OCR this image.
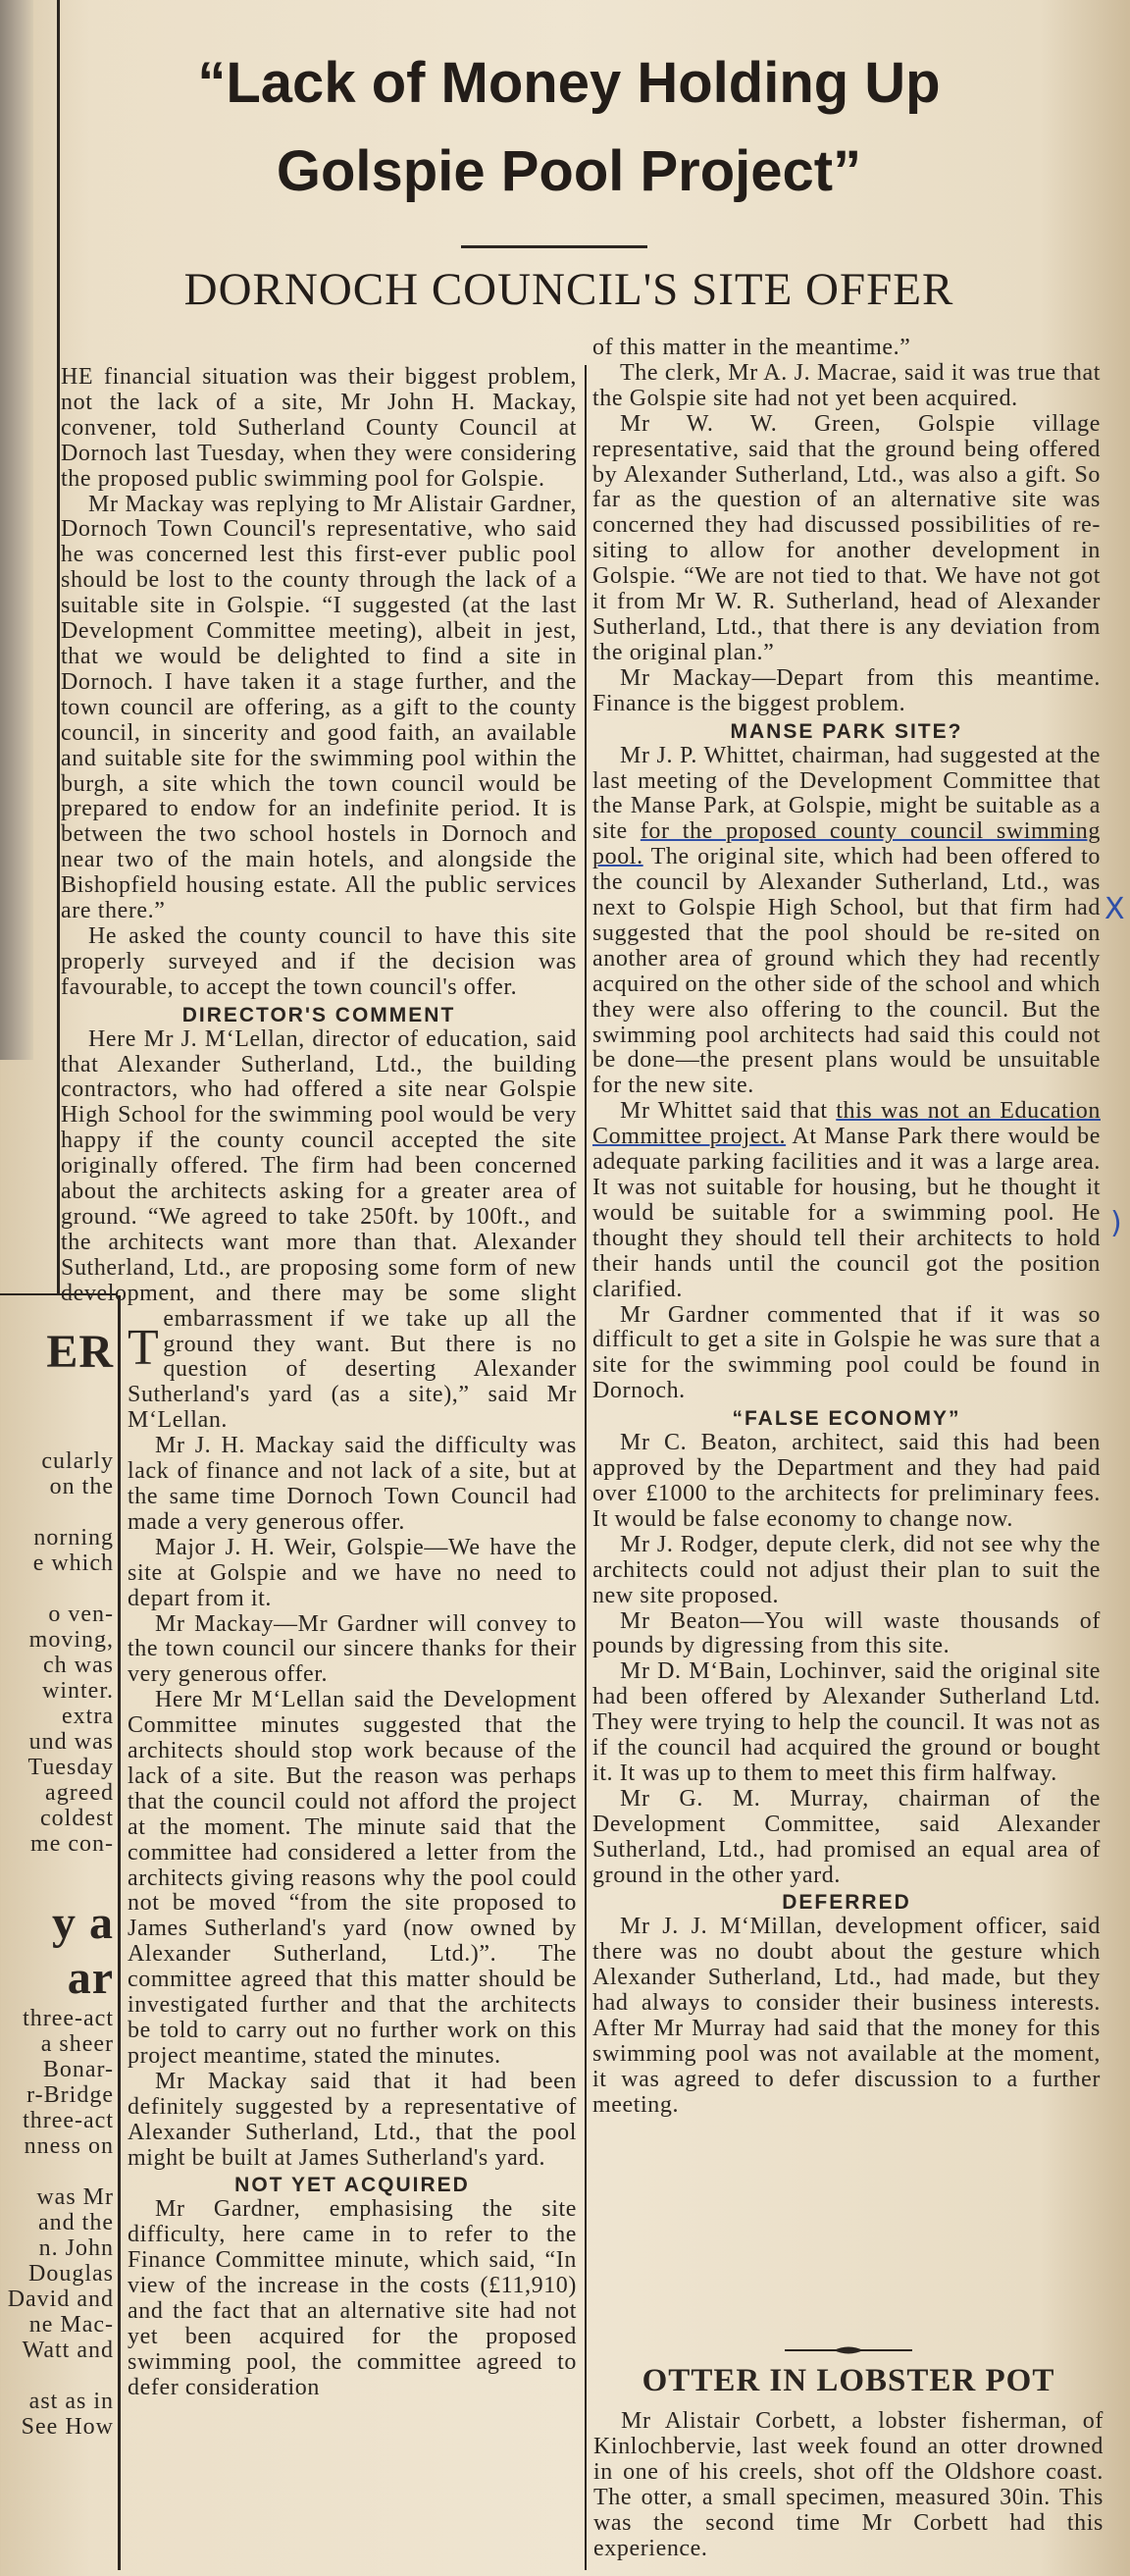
ER
cularly
on the

norning
e which

o ven-
moving,
ch was
winter.
extra
und was
Tuesday
agreed
coldest
me con-
y a
ar
three-act
a sheer
Bonar-
r-Bridge
three-act
nness on

was Mr
and the
n. John
Douglas
David and
ne Mac-
Watt and

ast as in
See How
“Lack of Money Holding Up
Golspie Pool Project”
DORNOCH COUNCIL'S SITE OFFER

T
HE financial situation was their biggest problem, not the lack of a site, Mr John H. Mackay, convener, told Sutherland County Council at Dornoch last Tuesday, when they were considering the proposed public swimming pool for Golspie.

Mr Mackay was replying to Mr Alistair Gardner, Dornoch Town Council's representative, who said he was concerned lest this first-ever public pool should be lost to the county through the lack of a suitable site in Golspie. “I suggested (at the last Development Committee meeting), albeit in jest, that we would be delighted to find a site in Dornoch. I have taken it a stage further, and the town council are offering, as a gift to the county council, in sincerity and good faith, an available and suitable site for the swimming pool within the burgh, a site which the town council would be prepared to endow for an indefinite period. It is between the two school hostels in Dornoch and near two of the main hotels, and alongside the Bishopfield housing estate. All the public services are there.”

He asked the county council to have this site properly surveyed and if the decision was favourable, to accept the town council's offer.

DIRECTOR'S COMMENT

Here Mr J. M‘Lellan, director of education, said that Alexander Sutherland, Ltd., the building contractors, who had offered a site near Golspie High School for the swimming pool would be very happy if the county council accepted the site originally offered. The firm had been concerned about the architects asking for a greater area of ground. “We agreed to take 250ft. by 100ft., and the architects want more than that. Alexander Sutherland, Ltd., are proposing some form of new development, and there may be some slight embarrassment if we take up all the ground they want. But there is no question of deserting Alexander Sutherland's yard (as a site),” said Mr M‘Lellan.

Mr J. H. Mackay said the difficulty was lack of finance and not lack of a site, but at the same time Dornoch Town Council had made a very generous offer.

Major J. H. Weir, Golspie—We have the site at Golspie and we have no need to depart from it.

Mr Mackay—Mr Gardner will convey to the town council our sincere thanks for their very generous offer.

Here Mr M‘Lellan said the Development Committee minutes suggested that the architects should stop work because of the lack of a site. But the reason was perhaps that the council could not afford the project at the moment. The minute said that the committee had considered a letter from the architects giving reasons why the pool could not be moved “from the site proposed to James Sutherland's yard (now owned by Alexander Sutherland, Ltd.)”. The committee agreed that this matter should be investigated further and that the architects be told to carry out no further work on this project meantime, stated the minutes.

Mr Mackay said that it had been definitely suggested by a representative of Alexander Sutherland, Ltd., that the pool might be built at James Sutherland's yard.

NOT YET ACQUIRED

Mr Gardner, emphasising the site difficulty, here came in to refer to the Finance Committee minute, which said, “In view of the increase in the costs (£11,910) and the fact that an alternative site had not yet been acquired for the proposed swimming pool, the committee agreed to defer consideration

of this matter in the meantime.”

The clerk, Mr A. J. Macrae, said it was true that the Golspie site had not yet been acquired.

Mr W. W. Green, Golspie village representative, said that the ground being offered by Alexander Sutherland, Ltd., was also a gift. So far as the question of an alternative site was concerned they had discussed possibilities of re-siting to allow for another development in Golspie. “We are not tied to that. We have not got it from Mr W. R. Sutherland, head of Alexander Sutherland, Ltd., that there is any deviation from the original plan.”

Mr Mackay—Depart from this meantime. Finance is the biggest problem.

MANSE PARK SITE?

Mr J. P. Whittet, chairman, had suggested at the last meeting of the Development Committee that the Manse Park, at Golspie, might be suitable as a site for the proposed county council swimming pool. The original site, which had been offered to the council by Alexander Sutherland, Ltd., was next to Golspie High School, but that firm had suggested that the pool should be re-sited on another area of ground which they had recently acquired on the other side of the school and which they were also offering to the council. But the swimming pool architects had said this could not be done—the present plans would be unsuitable for the new site.

Mr Whittet said that this was not an Education Committee project. At Manse Park there would be adequate parking facilities and it was a large area. It was not suitable for housing, but he thought it would be suitable for a swimming pool. He thought they should tell their architects to hold their hands until the council got the position clarified.

Mr Gardner commented that if it was so difficult to get a site in Golspie he was sure that a site for the swimming pool could be found in Dornoch.

“FALSE ECONOMY”

Mr C. Beaton, architect, said this had been approved by the Department and they had paid over £1000 to the architects for preliminary fees. It would be false economy to change now.

Mr J. Rodger, depute clerk, did not see why the architects could not adjust their plan to suit the new site proposed.

Mr Beaton—You will waste thousands of pounds by digressing from this site.

Mr D. M‘Bain, Lochinver, said the original site had been offered by Alexander Sutherland Ltd. They were trying to help the council. It was not as if the council had acquired the ground or bought it. It was up to them to meet this firm halfway.

Mr G. M. Murray, chairman of the Development Committee, said Alexander Sutherland, Ltd., had promised an equal area of ground in the other yard.

DEFERRED

Mr J. J. M‘Millan, development officer, said there was no doubt about the gesture which Alexander Sutherland, Ltd., had made, but they had always to consider their business interests. After Mr Murray had said that the money for this swimming pool was not available at the moment, it was agreed to defer discussion to a further meeting.

OTTER IN LOBSTER POT

Mr Alistair Corbett, a lobster fisherman, of Kinlochbervie, last week found an otter drowned in one of his creels, shot off the Oldshore coast. The otter, a small specimen, measured 30in. This was the second time Mr Corbett had this experience.

X
)
